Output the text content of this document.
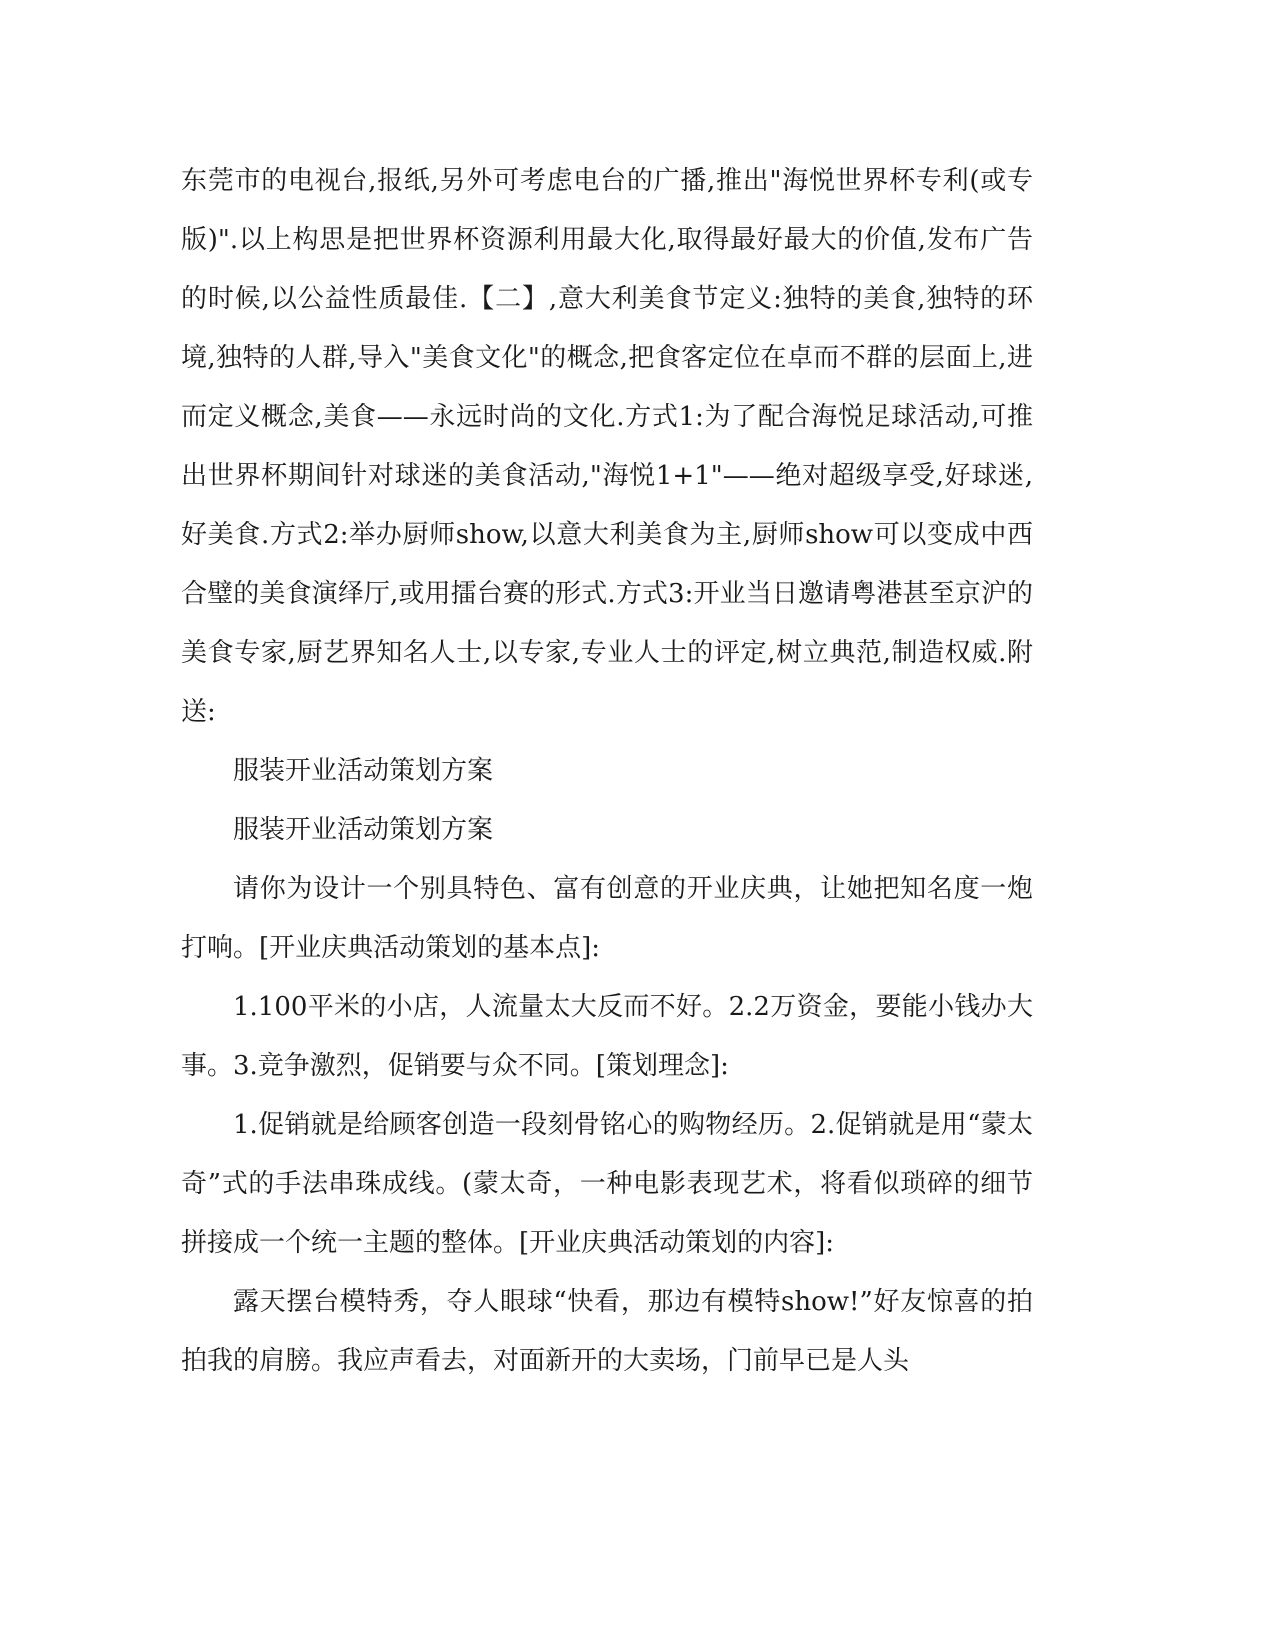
东莞市的电视台,报纸,另外可考虑电台的广播,推出"海悦世界杯专利(或专版)".以上构思是把世界杯资源利用最大化,取得最好最大的价值,发布广告的时候,以公益性质最佳.【二】,意大利美食节定义:独特的美食,独特的环境,独特的人群,导入"美食文化"的概念,把食客定位在卓而不群的层面上,进而定义概念,美食——永远时尚的文化.方式1:为了配合海悦足球活动,可推出世界杯期间针对球迷的美食活动,"海悦1+1"——绝对超级享受,好球迷,好美食.方式2:举办厨师show,以意大利美食为主,厨师show可以变成中西合璧的美食演绎厅,或用擂台赛的形式.方式3:开业当日邀请粤港甚至京沪的美食专家,厨艺界知名人士,以专家,专业人士的评定,树立典范,制造权威.附送:

服装开业活动策划方案

服装开业活动策划方案

请你为设计一个别具特色、富有创意的开业庆典，让她把知名度一炮打响。[开业庆典活动策划的基本点]:

1.100平米的小店，人流量太大反而不好。2.2万资金，要能小钱办大事。3.竞争激烈，促销要与众不同。[策划理念]:

1.促销就是给顾客创造一段刻骨铭心的购物经历。2.促销就是用“蒙太奇”式的手法串珠成线。(蒙太奇，一种电影表现艺术，将看似琐碎的细节拼接成一个统一主题的整体。[开业庆典活动策划的内容]:

露天摆台模特秀，夺人眼球“快看，那边有模特show!”好友惊喜的拍拍我的肩膀。我应声看去，对面新开的大卖场，门前早已是人头
